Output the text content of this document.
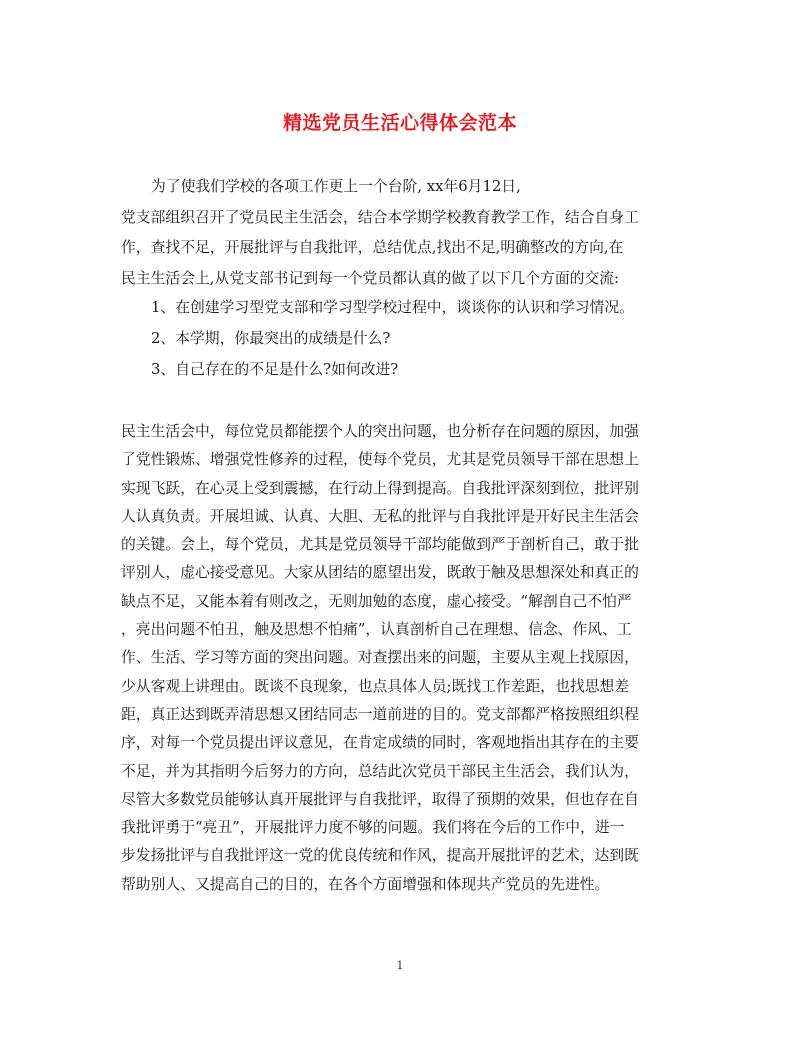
精选党员生活心得体会范本
为了使我们学校的各项工作更上一个台阶, xx年6月12日,
党支部组织召开了党员民主生活会，结合本学期学校教育教学工作，结合自身工
作，查找不足，开展批评与自我批评，总结优点,找出不足,明确整改的方向,在
民主生活会上,从党支部书记到每一个党员都认真的做了以下几个方面的交流:
1、在创建学习型党支部和学习型学校过程中，谈谈你的认识和学习情况。
2、本学期，你最突出的成绩是什么?
3、自己存在的不足是什么?如何改进?
民主生活会中，每位党员都能摆个人的突出问题，也分析存在问题的原因，加强
了党性锻炼、增强党性修养的过程，使每个党员，尤其是党员领导干部在思想上
实现飞跃，在心灵上受到震撼，在行动上得到提高。自我批评深刻到位，批评别
人认真负责。开展坦诚、认真、大胆、无私的批评与自我批评是开好民主生活会
的关键。会上，每个党员，尤其是党员领导干部均能做到严于剖析自己，敢于批
评别人，虚心接受意见。大家从团结的愿望出发，既敢于触及思想深处和真正的
缺点不足，又能本着有则改之，无则加勉的态度，虚心接受。“解剖自己不怕严
，亮出问题不怕丑，触及思想不怕痛”，认真剖析自己在理想、信念、作风、工
作、生活、学习等方面的突出问题。对查摆出来的问题，主要从主观上找原因，
少从客观上讲理由。既谈不良现象，也点具体人员;既找工作差距，也找思想差
距，真正达到既弄清思想又团结同志一道前进的目的。党支部都严格按照组织程
序，对每一个党员提出评议意见，在肯定成绩的同时，客观地指出其存在的主要
不足，并为其指明今后努力的方向，总结此次党员干部民主生活会，我们认为，
尽管大多数党员能够认真开展批评与自我批评，取得了预期的效果，但也存在自
我批评勇于“亮丑”，开展批评力度不够的问题。我们将在今后的工作中，进一
步发扬批评与自我批评这一党的优良传统和作风，提高开展批评的艺术，达到既
帮助别人、又提高自己的目的，在各个方面增强和体现共产党员的先进性。
1
